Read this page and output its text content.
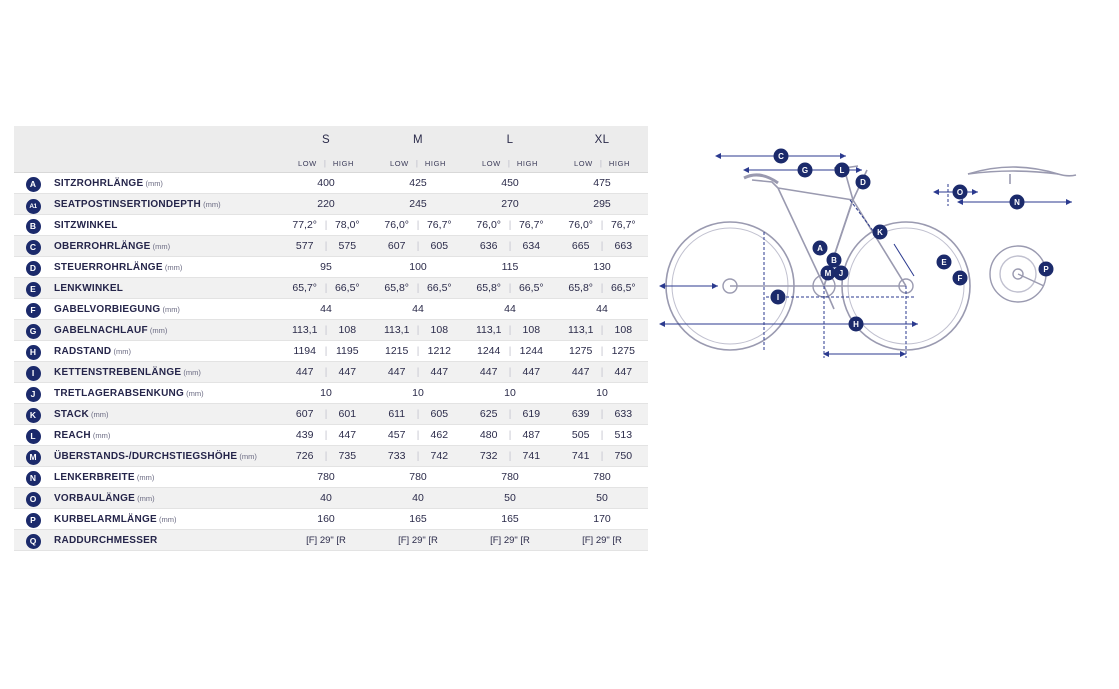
		S	M	L	XL

		LOW | HIGH	LOW | HIGH	LOW | HIGH	LOW | HIGH

A	SITZROHRLÄNGE (mm)	400	425	450	475

A1	SEATPOSTINSERTIONDEPTH (mm)	220	245	270	295

B	SITZWINKEL	77,2° | 78,0°	76,0° | 76,7°	76,0° | 76,7°	76,0° | 76,7°

C	OBERROHRLÄNGE (mm)	577 | 575	607 | 605	636 | 634	665 | 663

D	STEUERROHRLÄNGE (mm)	95	100	115	130

E	LENKWINKEL	65,7° | 66,5°	65,8° | 66,5°	65,8° | 66,5°	65,8° | 66,5°

F	GABELVORBIEGUNG (mm)	44	44	44	44

G	GABELNACHLAUF (mm)	113,1 | 108	113,1 | 108	113,1 | 108	113,1 | 108

H	RADSTAND (mm)	1194 | 1195	1215 | 1212	1244 | 1244	1275 | 1275

I	KETTENSTREBENLÄNGE (mm)	447 | 447	447 | 447	447 | 447	447 | 447

J	TRETLAGERABSENKUNG (mm)	10	10	10	10

K	STACK (mm)	607 | 601	611 | 605	625 | 619	639 | 633

L	REACH (mm)	439 | 447	457 | 462	480 | 487	505 | 513

M	ÜBERSTANDS-/DURCHSTIEGSHÖHE (mm)	726 | 735	733 | 742	732 | 741	741 | 750

N	LENKERBREITE (mm)	780	780	780	780

O	VORBAULÄNGE (mm)	40	40	50	50

P	KURBELARMLÄNGE (mm)	160	165	165	170

Q	RADDURCHMESSER	[F] 29" [R	[F] 29" [R	[F] 29" [R	[F] 29" [R
A
B
C
D
E
F
G
H
I
J
K
L
M
N
O
P
